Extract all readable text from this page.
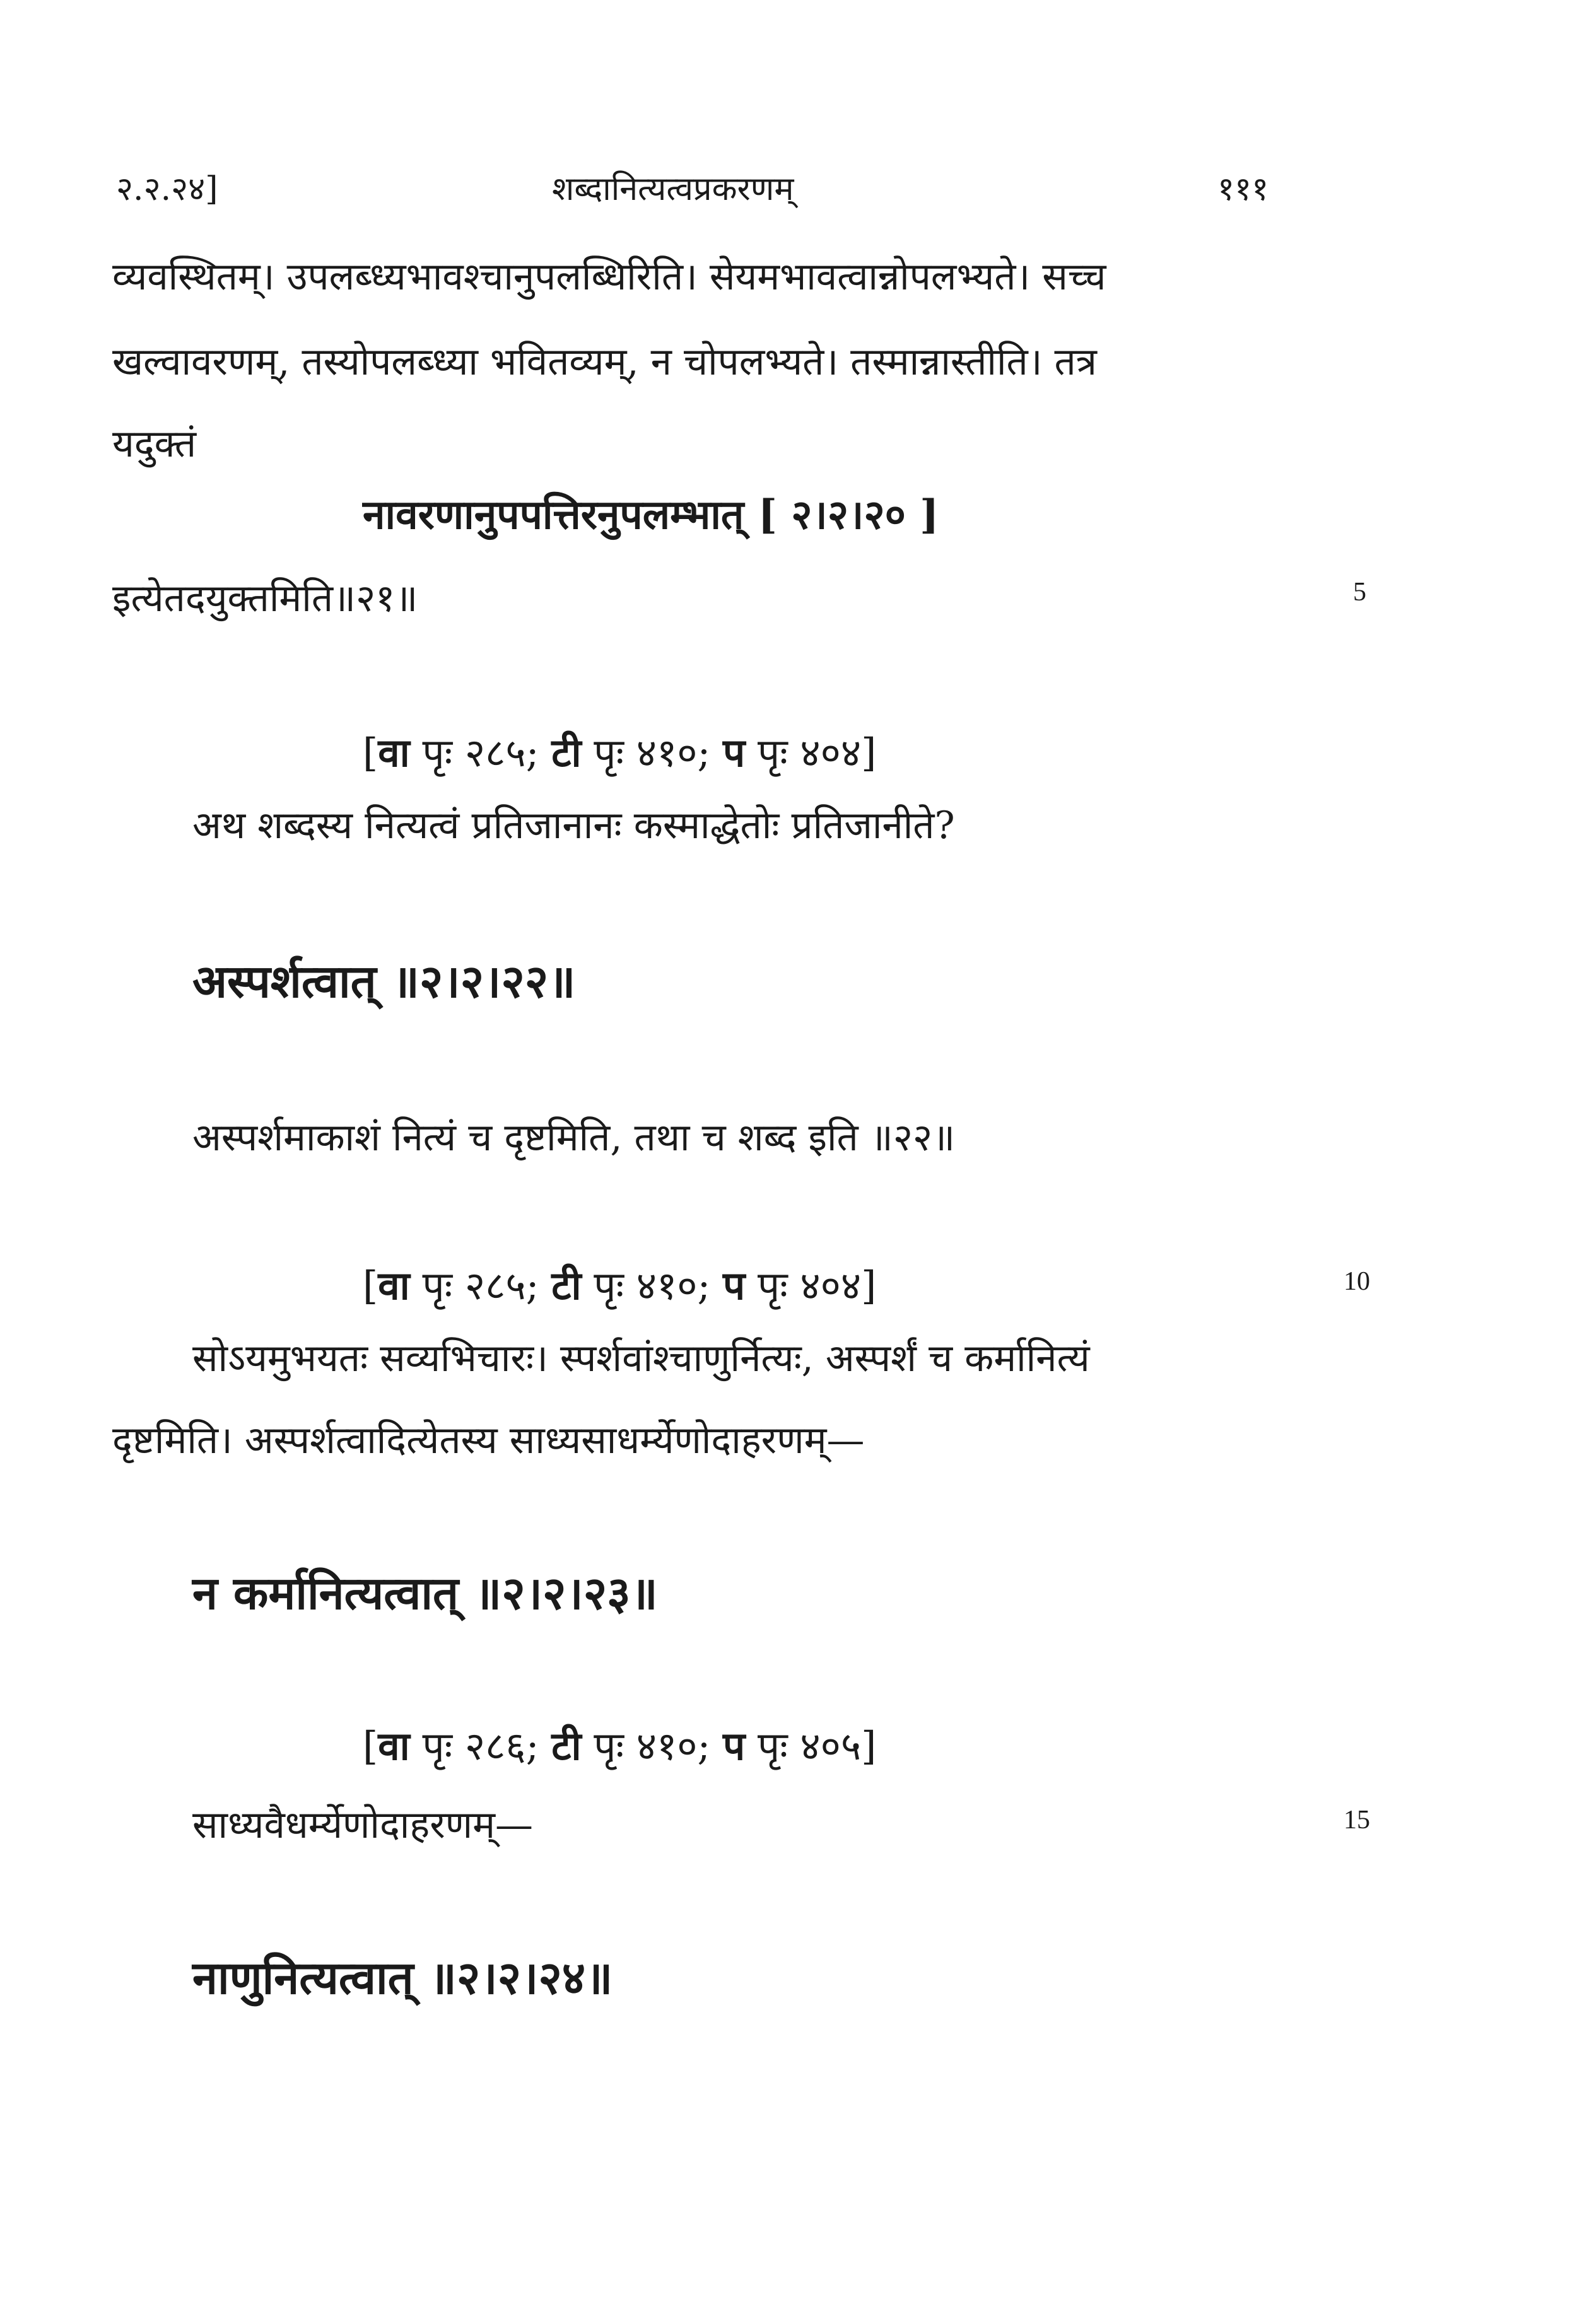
२.२.२४]	शब्दानित्यत्वप्रकरणम्	१११
व्यवस्थितम्। उपलब्ध्यभावश्चानुपलब्धिरिति। सेयमभावत्वान्नोपलभ्यते। सच्च
खल्वावरणम्, तस्योपलब्ध्या भवितव्यम्, न चोपलभ्यते। तस्मान्नास्तीति। तत्र
यदुक्तं
नावरणानुपपत्तिरनुपलम्भात् [ २।२।२० ]
इत्येतदयुक्तमिति॥२१॥	5
[वा पृः २८५; टी पृः ४१०; प पृः ४०४]
अथ शब्दस्य नित्यत्वं प्रतिजानानः कस्माद्धेतोः प्रतिजानीते?
अस्पर्शत्वात् ॥२।२।२२॥
अस्पर्शमाकाशं नित्यं च दृष्टमिति, तथा च शब्द इति ॥२२॥
[वा पृः २८५; टी पृः ४१०; प पृः ४०४]	10
सोऽयमुभयतः सव्यभिचारः। स्पर्शवांश्चाणुर्नित्यः, अस्पर्शं च कर्मानित्यं
दृष्टमिति। अस्पर्शत्वादित्येतस्य साध्यसाधर्म्येणोदाहरणम्—
न कर्मानित्यत्वात् ॥२।२।२३॥
[वा पृः २८६; टी पृः ४१०; प पृः ४०५]
साध्यवैधर्म्येणोदाहरणम्—	15
नाणुनित्यत्वात् ॥२।२।२४॥
